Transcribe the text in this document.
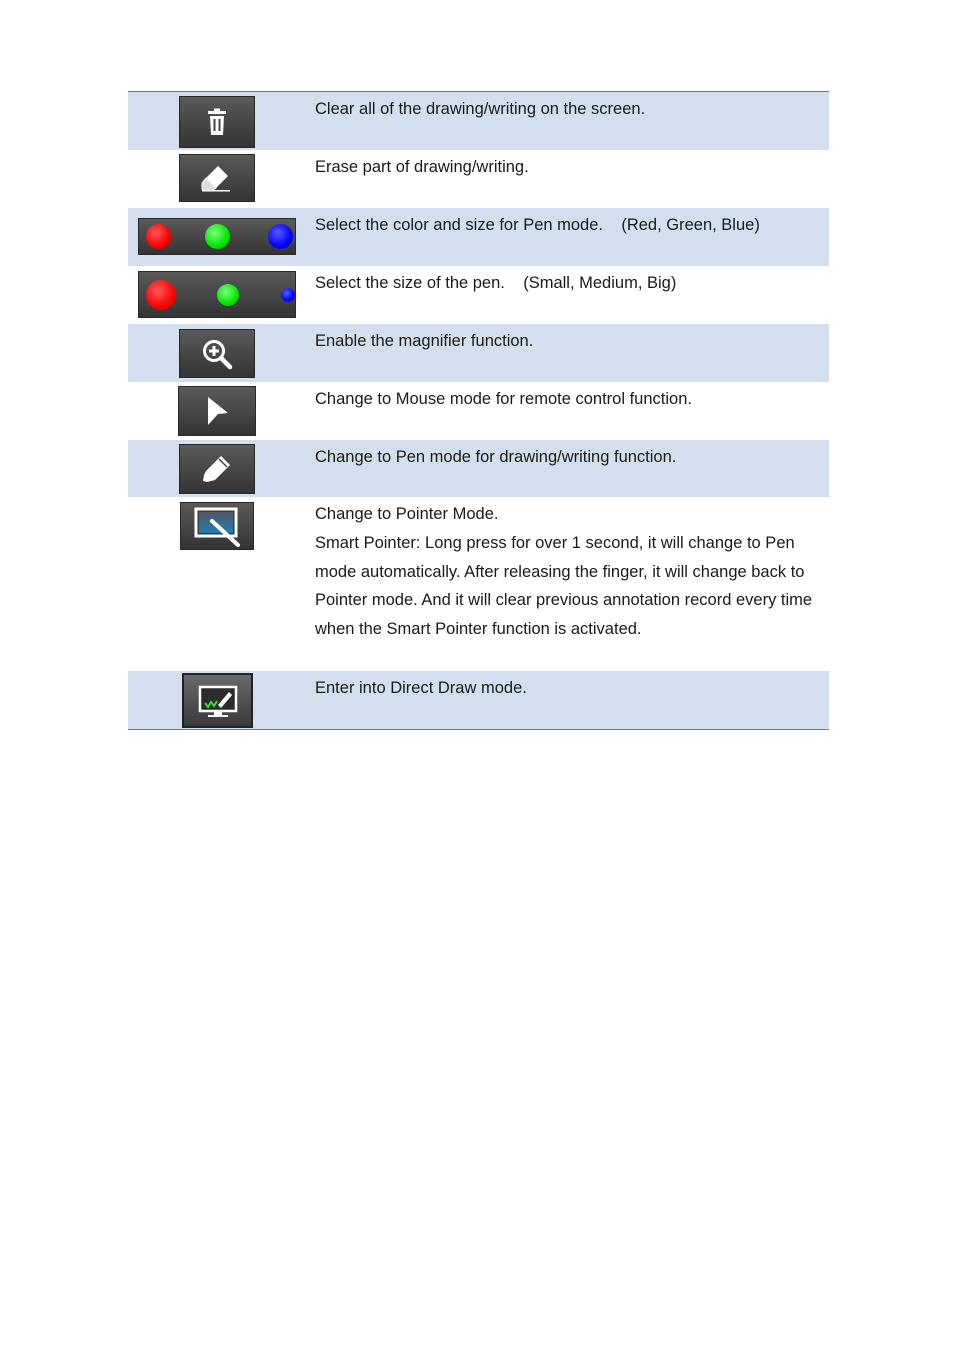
Clear all of the drawing/writing on the screen.

Erase part of drawing/writing.

Select the color and size for Pen mode.    (Red, Green, Blue)

Select the size of the pen.    (Small, Medium, Big)

Enable the magnifier function.

Change to Mouse mode for remote control function.

Change to Pen mode for drawing/writing function.

Change to Pointer Mode.

Smart Pointer: Long press for over 1 second, it will change to Pen mode automatically. After releasing the finger, it will change back to Pointer mode. And it will clear previous annotation record every time when the Smart Pointer function is activated.

Enter into Direct Draw mode.
